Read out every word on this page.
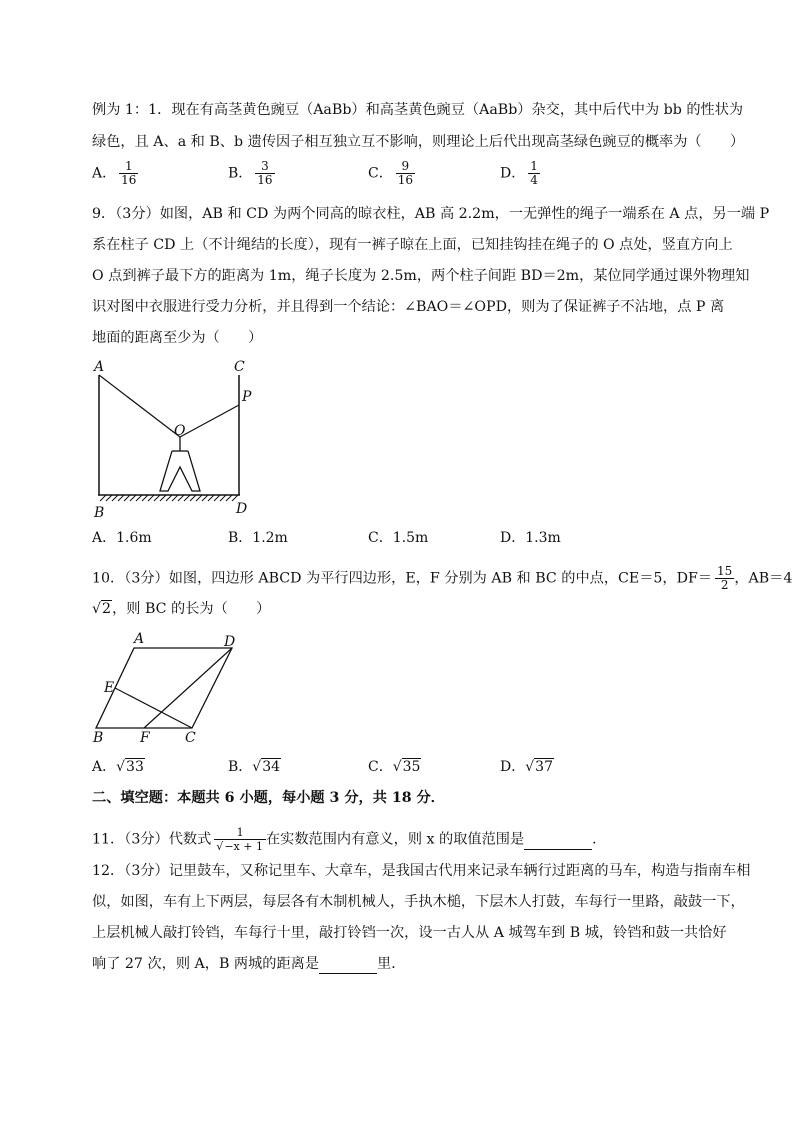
例为 1：1．现在有高茎黄色豌豆（AaBb）和高茎黄色豌豆（AaBb）杂交，其中后代中为 bb 的性状为
绿色，且 A、a 和 B、b 遗传因子相互独立互不影响，则理论上后代出现高茎绿色豌豆的概率为（　　）
A． $\frac{1}{16}$	B． $\frac{3}{16}$	C． $\frac{9}{16}$	D． $\frac{1}{4}$
9．（3分）如图，AB 和 CD 为两个同高的晾衣柱，AB 高 2.2m，一无弹性的绳子一端系在 A 点，另一端 P
系在柱子 CD 上（不计绳结的长度），现有一裤子晾在上面，已知挂钩挂在绳子的 O 点处，竖直方向上
O 点到裤子最下方的距离为 1m，绳子长度为 2.5m，两个柱子间距 BD＝2m，某位同学通过课外物理知
识对图中衣服进行受力分析，并且得到一个结论：∠BAO＝∠OPD，则为了保证裤子不沾地，点 P 离
地面的距离至少为（　　）
A	C
P
O
B	D
A．1.6m	B．1.2m	C．1.5m	D．1.3m
10．（3分）如图，四边形 ABCD 为平行四边形，E，F 分别为 AB 和 BC 的中点，CE＝5，$DF= \frac{15}{2}$ ，AB＝4
√2，则 BC 的长为（　　）
A	D
E
B	F	C
A．√33	B．√34	C．√35	D．√37
二、填空题：本题共 6 小题，每小题 3 分，共 18 分．
11．（3分）代数式 $\frac{1}{√-x + 1}$ 在实数范围内有意义，则 x 的取值范围是	．
12．（3分）记里鼓车，又称记里车、大章车，是我国古代用来记录车辆行过距离的马车，构造与指南车相
似，如图，车有上下两层，每层各有木制机械人，手执木槌，下层木人打鼓，车每行一里路，敲鼓一下，
上层机械人敲打铃铛，车每行十里，敲打铃铛一次，设一古人从 A 城驾车到 B 城，铃铛和鼓一共恰好
响了 27 次，则 A，B 两城的距离是	里．
